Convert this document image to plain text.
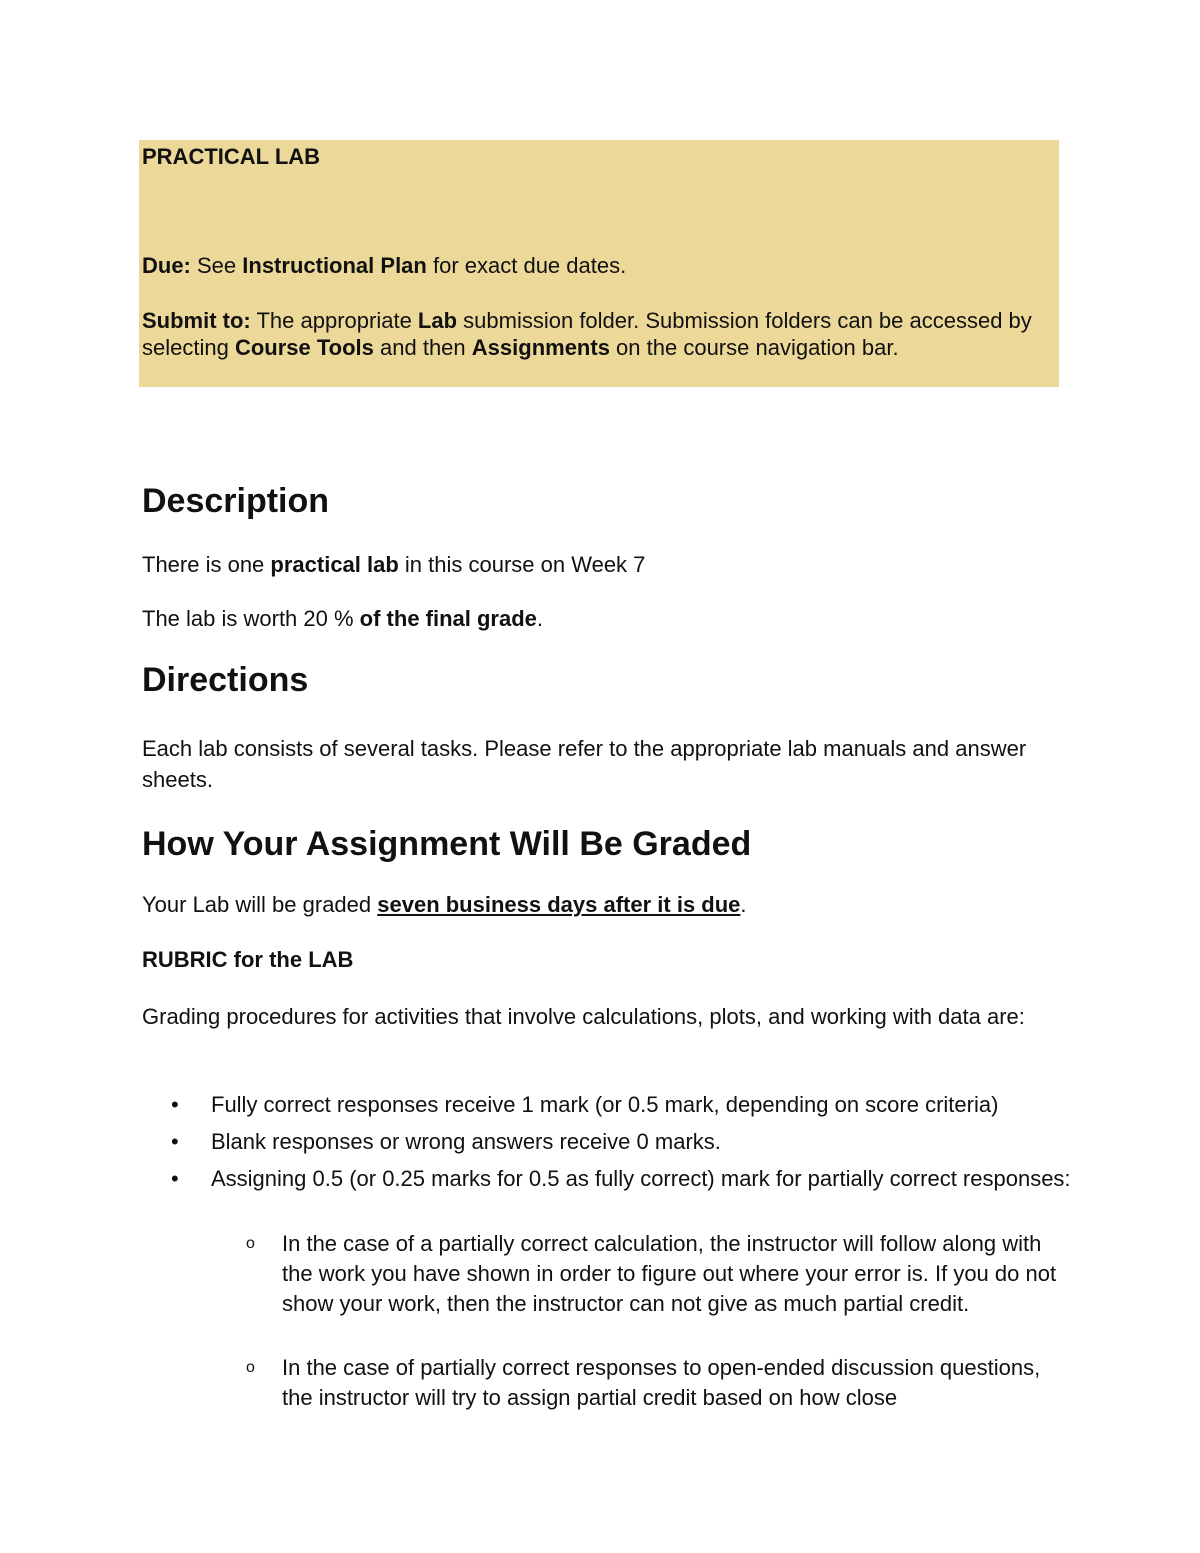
PRACTICAL LAB

Due: See Instructional Plan for exact due dates.

Submit to: The appropriate Lab submission folder. Submission folders can be accessed by selecting Course Tools and then Assignments on the course navigation bar.

Description

There is one practical lab in this course on Week 7

The lab is worth 20 % of the final grade.

Directions

Each lab consists of several tasks. Please refer to the appropriate lab manuals and answer sheets.

How Your Assignment Will Be Graded

Your Lab will be graded seven business days after it is due.

RUBRIC for the LAB

Grading procedures for activities that involve calculations, plots, and working with data are:

• Fully correct responses receive 1 mark (or 0.5 mark, depending on score criteria)

• Blank responses or wrong answers receive 0 marks.

• Assigning 0.5 (or 0.25 marks for 0.5 as fully correct) mark for partially correct responses:

o In the case of a partially correct calculation, the instructor will follow along with the work you have shown in order to figure out where your error is. If you do not show your work, then the instructor can not give as much partial credit.

o In the case of partially correct responses to open-ended discussion questions, the instructor will try to assign partial credit based on how close
